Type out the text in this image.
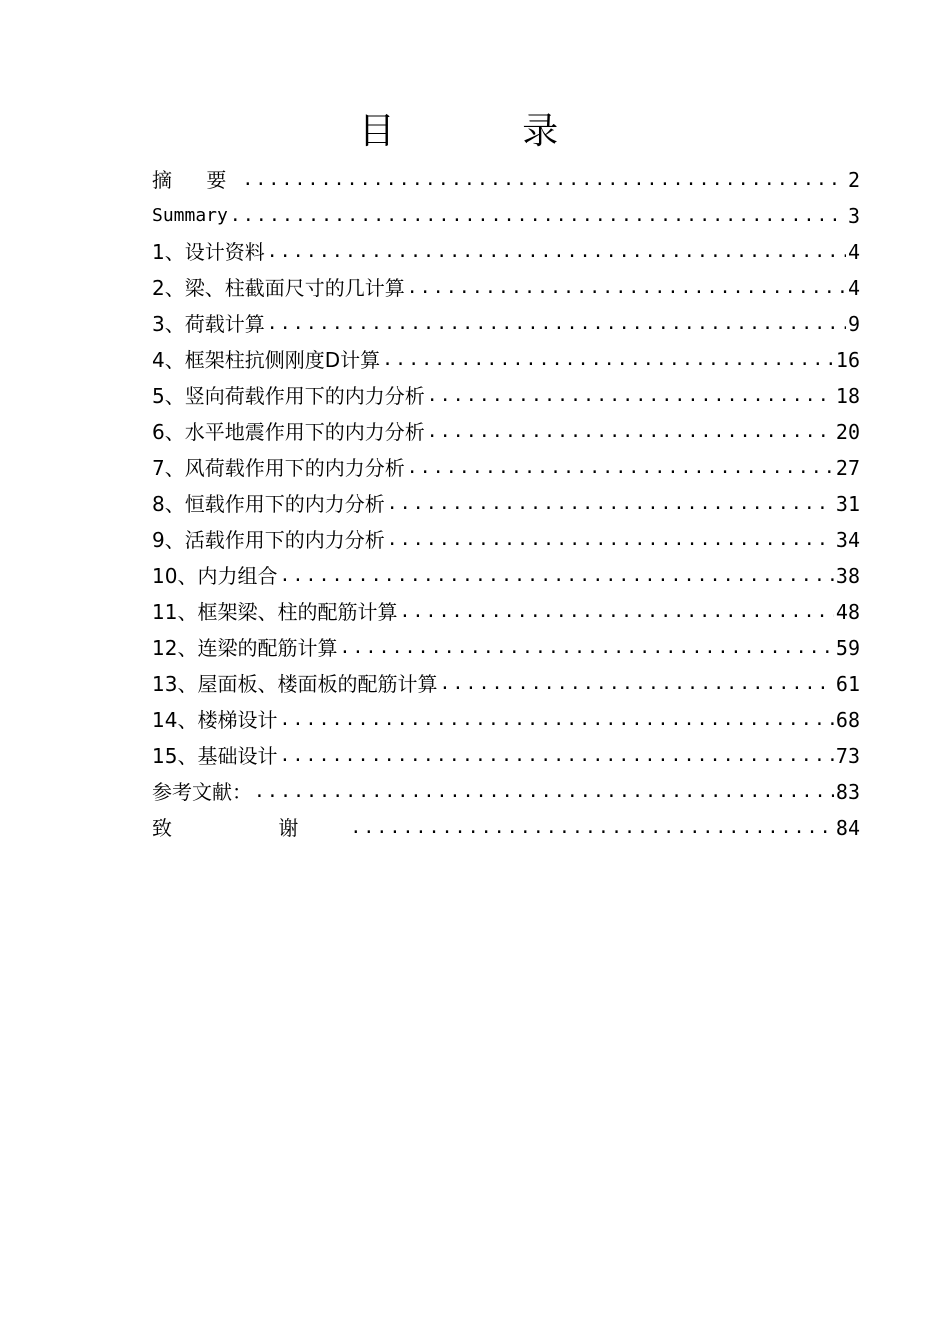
目 录
摘 要 .....	2
Summary .....	3
1、设计资料 .....	4
2、梁、柱截面尺寸的几计算 .....	4
3、荷载计算 .....	9
4、框架柱抗侧刚度D计算 .....	16
5、竖向荷载作用下的内力分析 .....	18
6、水平地震作用下的内力分析 .....	20
7、风荷载作用下的内力分析 .....	27
8、恒载作用下的内力分析 .....	31
9、活载作用下的内力分析 .....	34
10、内力组合 .....	38
11、框架梁、柱的配筋计算 .....	48
12、连梁的配筋计算 .....	59
13、屋面板、楼面板的配筋计算 .....	61
14、楼梯设计 .....	68
15、基础设计 .....	73
参考文献： .....	83
致 谢 .....	84
